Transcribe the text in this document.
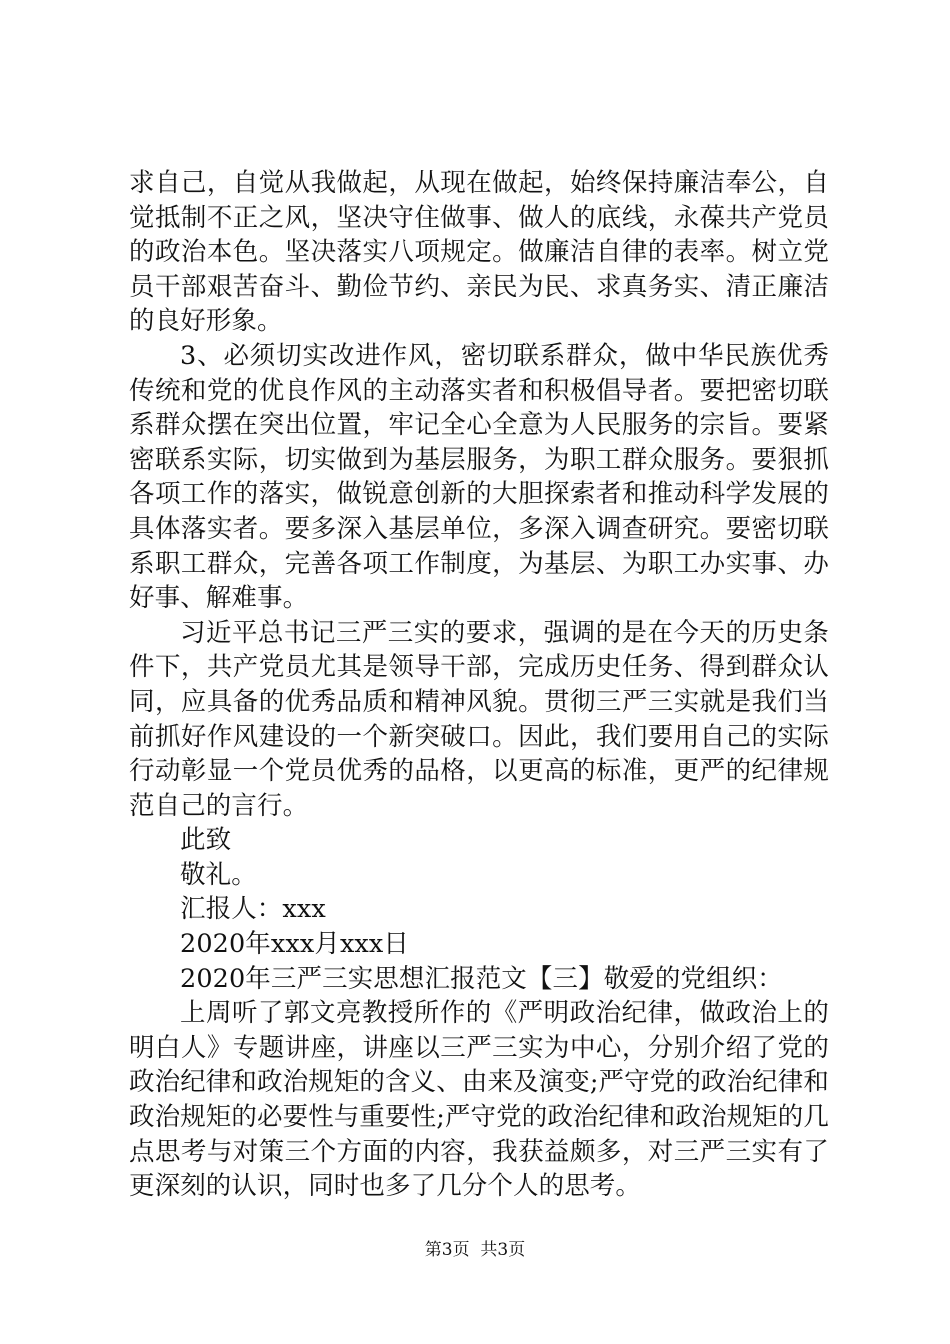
求自己，自觉从我做起，从现在做起，始终保持廉洁奉公，自觉抵制不正之风，坚决守住做事、做人的底线，永葆共产党员的政治本色。坚决落实八项规定。做廉洁自律的表率。树立党员干部艰苦奋斗、勤俭节约、亲民为民、求真务实、清正廉洁的良好形象。

3、必须切实改进作风，密切联系群众，做中华民族优秀传统和党的优良作风的主动落实者和积极倡导者。要把密切联系群众摆在突出位置，牢记全心全意为人民服务的宗旨。要紧密联系实际，切实做到为基层服务，为职工群众服务。要狠抓各项工作的落实，做锐意创新的大胆探索者和推动科学发展的具体落实者。要多深入基层单位，多深入调查研究。要密切联系职工群众，完善各项工作制度，为基层、为职工办实事、办好事、解难事。

习近平总书记三严三实的要求，强调的是在今天的历史条件下，共产党员尤其是领导干部，完成历史任务、得到群众认同，应具备的优秀品质和精神风貌。贯彻三严三实就是我们当前抓好作风建设的一个新突破口。因此，我们要用自己的实际行动彰显一个党员优秀的品格，以更高的标准，更严的纪律规范自己的言行。

此致

敬礼。

汇报人：xxx

2020年xxx月xxx日

2020年三严三实思想汇报范文【三】敬爱的党组织：

上周听了郭文亮教授所作的《严明政治纪律，做政治上的明白人》专题讲座，讲座以三严三实为中心，分别介绍了党的政治纪律和政治规矩的含义、由来及演变;严守党的政治纪律和政治规矩的必要性与重要性;严守党的政治纪律和政治规矩的几点思考与对策三个方面的内容，我获益颇多，对三严三实有了更深刻的认识，同时也多了几分个人的思考。

第3页 共3页
